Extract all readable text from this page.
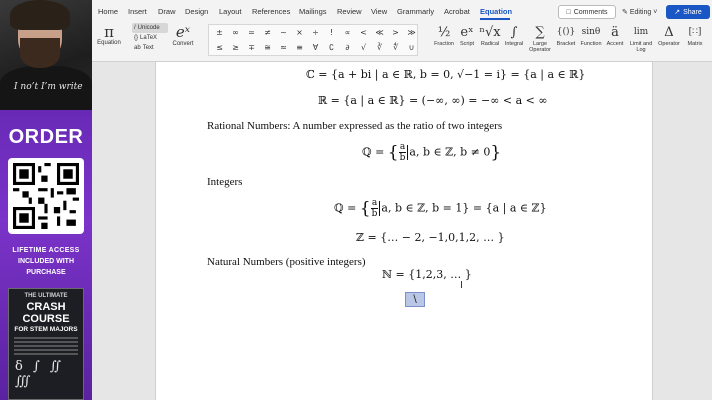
I no’t I’m write
ORDER
LIFETIME ACCESS
INCLUDED WITH
PURCHASE
THE ULTIMATE
CRASH COURSE
FOR STEM MAJORS
δ ∫ ∬ ∭
Home Insert Draw Design Layout References Mailings Review View Grammarly Acrobat Equation	□ Comments ✎ Editing ˅ ↗ Share
π
Equation
/ Unicode
{} LaTeX
ab Text
eˣ
Convert
±	∞	=	≠	~	×	÷	!	∝	<	≪	>	≫
≤	≥	∓	≅	≈	≡	∀	∁	∂	√	∛	∜	∪
½
Fraction
eˣ
Script
ⁿ√x
Radical
∫
Integral
∑
Large Operator
{()}
Bracket
sinθ
Function
ä
Accent
lim
Limit and Log
Δ
Operator
[∷]
Matrix
ℂ = {a + bi | a ∈ ℝ, b = 0, √−1 = i} = {a | a ∈ ℝ}
ℝ = {a | a ∈ ℝ} = (−∞, ∞) = −∞ < a < ∞
Rational Numbers: A number expressed as the ratio of two integers
ℚ = { $\frac{a}{b} a$, b ∈ ℤ, b ≠ 0}
Integers
ℚ = { $\frac{a}{b} a$, b ∈ ℤ, b = 1} = {a | a ∈ ℤ}
ℤ = {… − 2, −1,0,1,2, … }
Natural Numbers (positive integers)
ℕ = {1,2,3, … }
\
I
